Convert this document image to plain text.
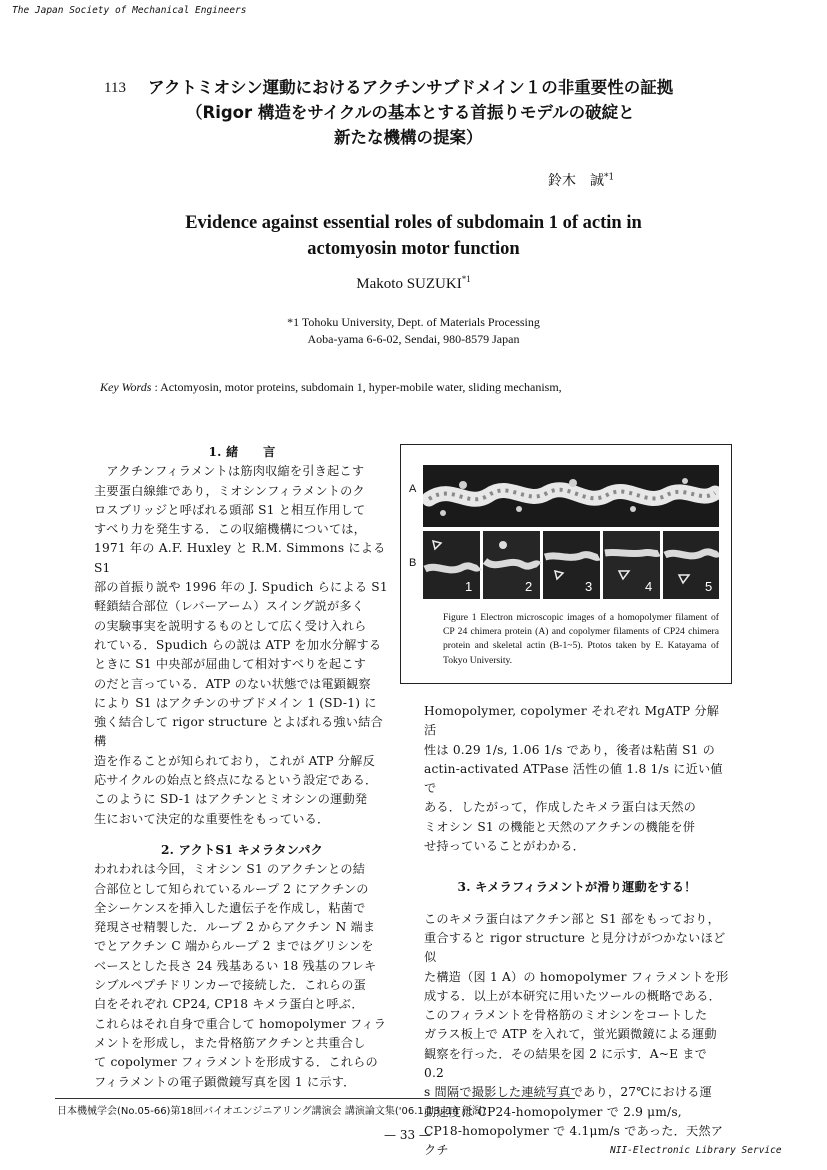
The Japan Society of Mechanical Engineers
113 アクトミオシン運動におけるアクチンサブドメイン１の非重要性の証拠
（Rigor 構造をサイクルの基本とする首振りモデルの破綻と
新たな機構の提案）
鈴木　誠$^{*1}$
Evidence against essential roles of subdomain 1 of actin in
actomyosin motor function
Makoto SUZUKI$^{*1}$
*1 Tohoku University, Dept. of Materials Processing
Aoba-yama 6-6-02, Sendai, 980-8579 Japan
Key Words : Actomyosin, motor proteins, subdomain 1, hyper-mobile water, sliding mechanism,

1. 緒　　言

　アクチンフィラメントは筋肉収縮を引き起こす

主要蛋白線維であり，ミオシンフィラメントのク

ロスブリッジと呼ばれる頭部 S1 と相互作用して

すべり力を発生する．この収縮機構については，

1971 年の A.F. Huxley と R.M. Simmons による S1

部の首振り説や 1996 年の J. Spudich らによる S1

軽鎖結合部位（レバーアーム）スイング説が多く

の実験事実を説明するものとして広く受け入れら

れている．Spudich らの説は ATP を加水分解する

ときに S1 中央部が屈曲して相対すべりを起こす

のだと言っている．ATP のない状態では電顕観察

により S1 はアクチンのサブドメイン 1 (SD-1) に

強く結合して rigor structure とよばれる強い結合構

造を作ることが知られており，これが ATP 分解反

応サイクルの始点と終点になるという設定である．

このように SD-1 はアクチンとミオシンの運動発

生において決定的な重要性をもっている．

2. アクトS1 キメラタンパク

われわれは今回，ミオシン S1 のアクチンとの結

合部位として知られているループ 2 にアクチンの

全シーケンスを挿入した遺伝子を作成し，粘菌で

発現させ精製した．ループ 2 からアクチン N 端ま

でとアクチン C 端からループ 2 まではグリシンを

ベースとした長さ 24 残基あるい 18 残基のフレキ

シブルペプチドリンカーで接続した．これらの蛋

白をそれぞれ CP24, CP18 キメラ蛋白と呼ぶ．

これらはそれ自身で重合して homopolymer フィラ

メントを形成し，また骨格筋アクチンと共重合し

て copolymer フィラメントを形成する．これらの

フィラメントの電子顕微鏡写真を図 1 に示す．

A
B
1	2	3	4	5
Figure 1 Electron microscopic images of a homopolymer filament of CP 24 chimera protein (A) and copolymer filaments of CP24 chimera protein and skeletal actin (B-1~5). Ptotos taken by E. Katayama of Tokyo University.

Homopolymer, copolymer それぞれ MgATP 分解活

性は 0.29 1/s, 1.06 1/s であり，後者は粘菌 S1 の

actin-activated ATPase 活性の値 1.8 1/s に近い値で

ある．したがって，作成したキメラ蛋白は天然の

ミオシン S1 の機能と天然のアクチンの機能を併

せ持っていることがわかる．

3. キメラフィラメントが滑り運動をする！

このキメラ蛋白はアクチン部と S1 部をもっており，

重合すると rigor structure と見分けがつかないほど似

た構造（図 1 A）の homopolymer フィラメントを形

成する．以上が本研究に用いたツールの概略である．

このフィラメントを骨格筋のミオシンをコートした

ガラス板上で ATP を入れて，蛍光顕微鏡による運動

観察を行った．その結果を図 2 に示す．A~E まで 0.2

s 間隔で撮影した連続写真であり，27℃における運

動速度は CP24-homopolymer で 2.9 μm/s,

CP18-homopolymer で 4.1μm/s であった．天然アクチ

日本機械学会(No.05-66)第18回バイオエンジニアリング講演会 講演論文集('06.1.13, 14 新潟)
— 33 —
NII-Electronic Library Service
